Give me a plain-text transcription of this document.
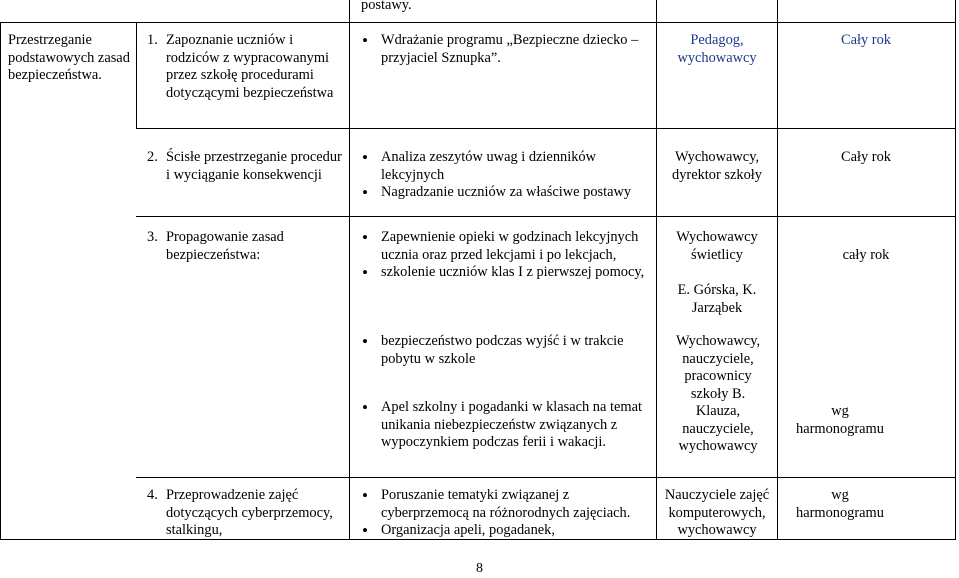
postawy.
Przestrzeganie podstawowych zasad bezpieczeństwa.
1. Zapoznanie uczniów i rodziców z wypracowanymi przez szkołę procedurami dotyczącymi bezpieczeństwa
• Wdrażanie programu „Bezpieczne dziecko – przyjaciel Sznupka”.
Pedagog, wychowawcy
Cały rok
2. Ścisłe przestrzeganie procedur i wyciąganie konsekwencji
• Analiza zeszytów uwag i dzienników lekcyjnych
• Nagradzanie uczniów za właściwe postawy
Wychowawcy, dyrektor szkoły
Cały rok
3. Propagowanie zasad bezpieczeństwa:
• Zapewnienie opieki w godzinach lekcyjnych ucznia oraz przed lekcjami i po lekcjach,
• szkolenie uczniów klas I z pierwszej pomocy,
Wychowawcy świetlicy
E. Górska, K. Jarząbek
cały rok
• bezpieczeństwo podczas wyjść i w trakcie pobytu w szkole
• Apel szkolny i pogadanki w klasach na temat unikania niebezpieczeństw związanych z wypoczynkiem podczas ferii i wakacji.
Wychowawcy, nauczyciele, pracownicy szkoły B. Klauza, nauczyciele, wychowawcy
wg harmonogramu
4. Przeprowadzenie zajęć dotyczących cyberprzemocy, stalkingu,
• Poruszanie tematyki związanej z cyberprzemocą na różnorodnych zajęciach.
• Organizacja apeli, pogadanek,
Nauczyciele zajęć komputerowych, wychowawcy
wg harmonogramu
8
